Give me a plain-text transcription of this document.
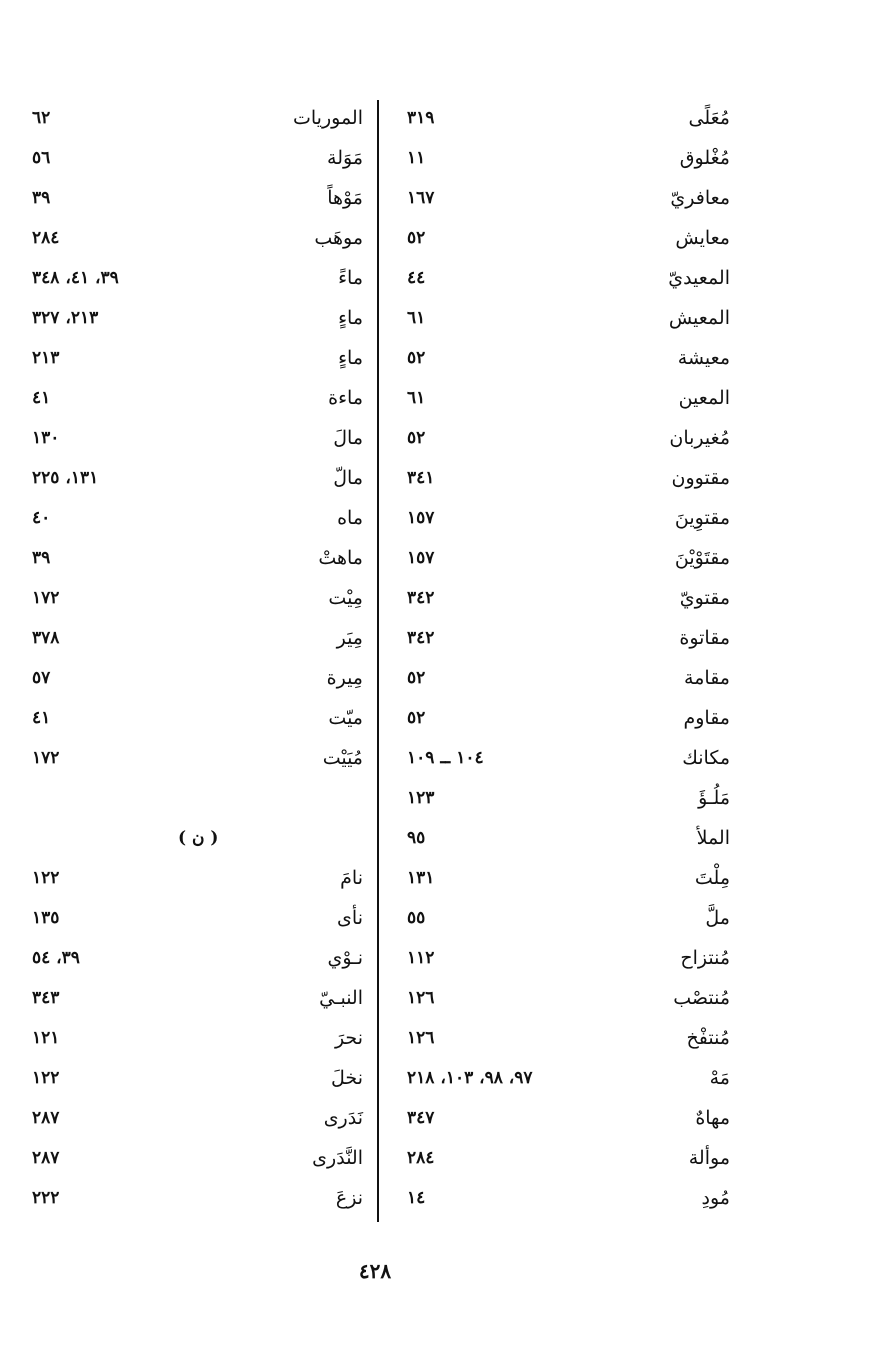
مُعَلًى
٣١٩
مُغْلوق
١١
معافريّ
١٦٧
معايش
٥٢
المعيديّ
٤٤
المعيش
٦١
معيشة
٥٢
المعين
٦١
مُغيربان
٥٢
مقتوون
٣٤١
مقتوِينَ
١٥٧
مقتَوْيْنَ
١٥٧
مقتويّ
٣٤٢
مقاتوة
٣٤٢
مقامة
٥٢
مقاوم
٥٢
مكانك
١٠٤ ــ ١٠٩
مَلُـؤَ
١٢٣
الملأ
٩٥
مِلْتَ
١٣١
ملَّ
٥٥
مُنتزاح
١١٢
مُنتصْب
١٢٦
مُنتفْخ
١٢٦
مَهْ
٩٧، ٩٨، ١٠٣، ٢١٨
مهاهٌ
٣٤٧
موألة
٢٨٤
مُودِ
١٤
الموريات
٦٢
مَوَلة
٥٦
مَوْهاً
٣٩
موهَب
٢٨٤
ماءً
٣٩، ٤١، ٣٤٨
ماءٍ
٢١٣، ٣٢٧
ماءٍ
٢١٣
ماءة
٤١
مالَ
١٣٠
مالّ
١٣١، ٢٢٥
ماه
٤٠
ماهتْ
٣٩
مِيْت
١٧٢
مِيَر
٣٧٨
مِيرة
٥٧
ميّت
٤١
مُيَيْت
١٧٢
( ن )
نامَ
١٢٢
نأى
١٣٥
نـوْي
٣٩، ٥٤
النبـيّ
٣٤٣
نحرَ
١٢١
نخلَ
١٢٢
نَدَرى
٢٨٧
النَّدَرى
٢٨٧
نزعَ
٢٢٢
٤٢٨
